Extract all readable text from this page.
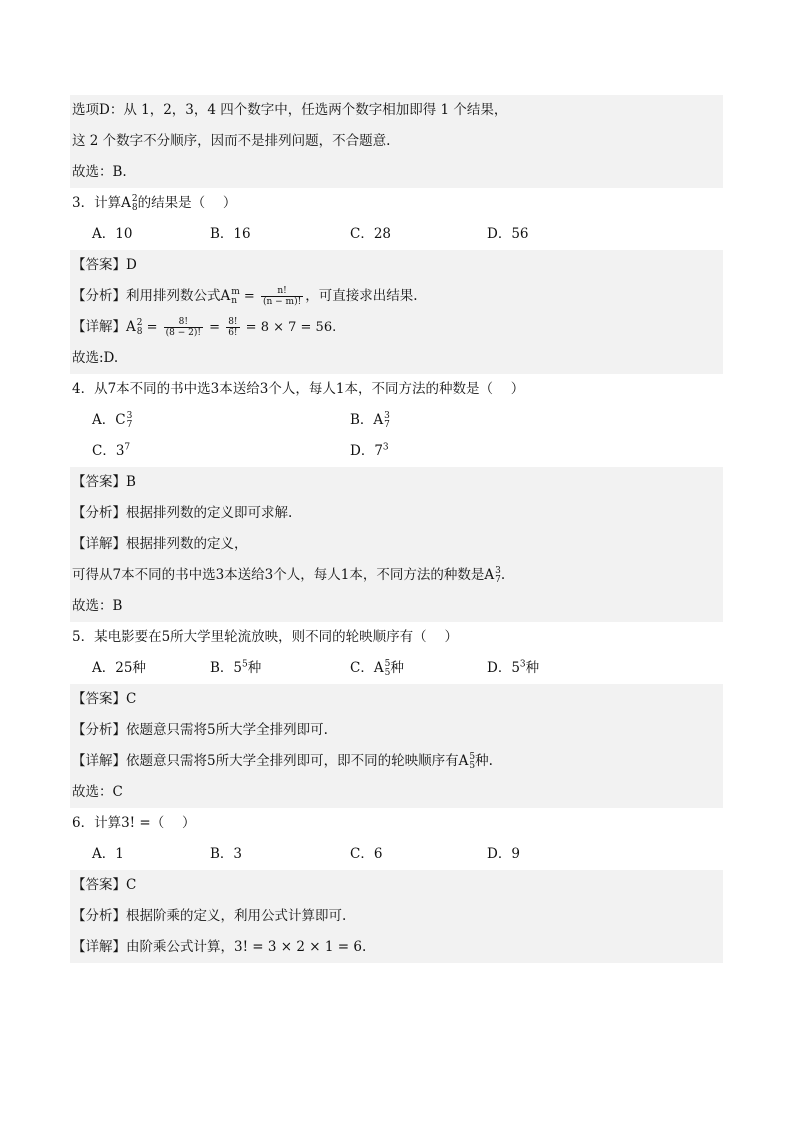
选项D：从 1，2，3，4 四个数字中，任选两个数字相加即得 1 个结果，
这 2 个数字不分顺序，因而不是排列问题，不合题意.
故选：B.
3．计算A 2
8 的结果是（　 ）
A．10	B．16	C．28	D．56
【答案】D
【分析】利用排列数公式A m
$n = \frac{n!}{(n - m)!}$ ，可直接求出结果.
【详解】A 2
$8 = \frac{8!}{(8 - 2)!} = \frac{8!}{6!} = 8 \times 7 = 56$.
故选:D.
4．从7本不同的书中选3本送给3个人，每人1本，不同方法的种数是（　 ）
A．C 3
7	B．A 3
7
C．$3^7$	D．$7^3$
【答案】B
【分析】根据排列数的定义即可求解.
【详解】根据排列数的定义，
可得从7本不同的书中选3本送给3个人，每人1本，不同方法的种数是A 3
7 .
故选：B
5．某电影要在5所大学里轮流放映，则不同的轮映顺序有（　 ）
A．25种	B．$5^5$种	C．A 5
5 种	D．$5^3$种
【答案】C
【分析】依题意只需将5所大学全排列即可.
【详解】依题意只需将5所大学全排列即可，即不同的轮映顺序有A 5
5 种.
故选：C
6．计算3! =（　 ）
A．1	B．3	C．6	D．9
【答案】C
【分析】根据阶乘的定义，利用公式计算即可.
【详解】由阶乘公式计算，3! = 3 × 2 × 1 = 6.
